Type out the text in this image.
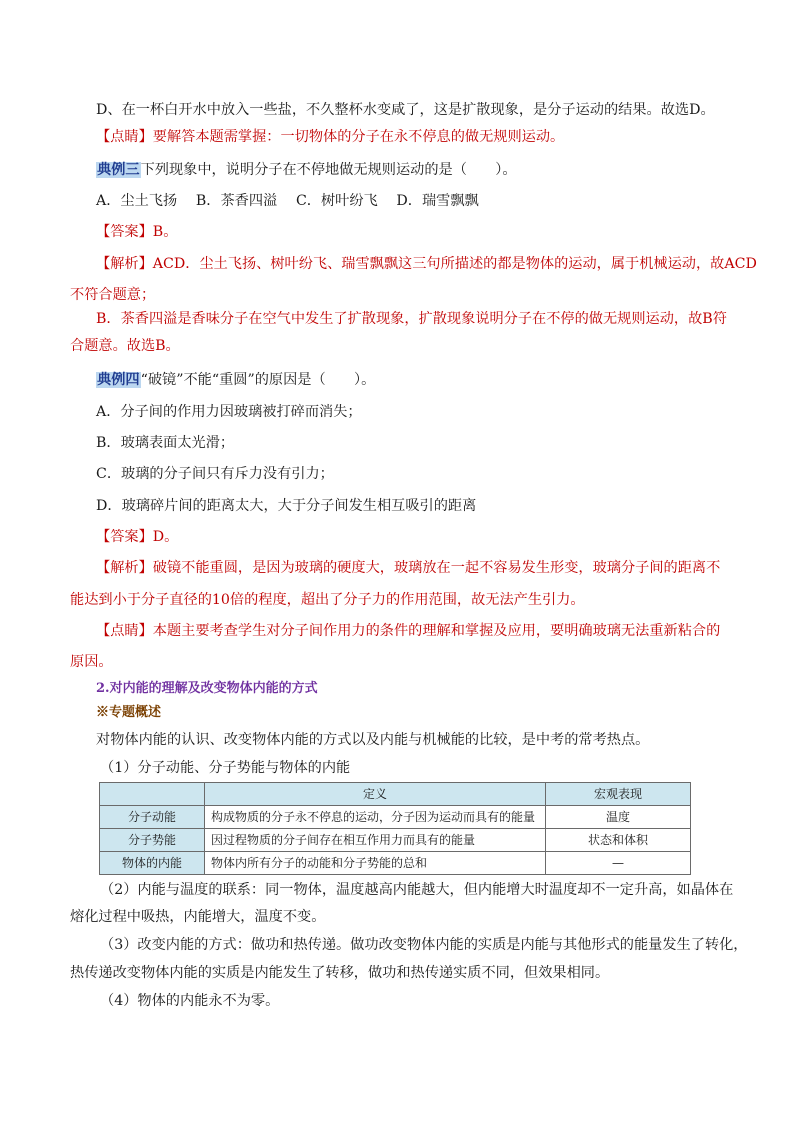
D、在一杯白开水中放入一些盐，不久整杯水变咸了，这是扩散现象，是分子运动的结果。故选D。
【点睛】要解答本题需掌握：一切物体的分子在永不停息的做无规则运动。
典例三下列现象中，说明分子在不停地做无规则运动的是（　　）。
A．尘土飞扬　 B．茶香四溢　 C．树叶纷飞　 D．瑞雪飘飘
【答案】B。
【解析】ACD．尘土飞扬、树叶纷飞、瑞雪飘飘这三句所描述的都是物体的运动，属于机械运动，故ACD
不符合题意；
B．茶香四溢是香味分子在空气中发生了扩散现象，扩散现象说明分子在不停的做无规则运动，故B符
合题意。故选B。
典例四“破镜”不能“重圆”的原因是（　　）。
A．分子间的作用力因玻璃被打碎而消失；
B．玻璃表面太光滑；
C．玻璃的分子间只有斥力没有引力；
D．玻璃碎片间的距离太大，大于分子间发生相互吸引的距离
【答案】D。
【解析】破镜不能重圆，是因为玻璃的硬度大，玻璃放在一起不容易发生形变，玻璃分子间的距离不
能达到小于分子直径的10倍的程度，超出了分子力的作用范围，故无法产生引力。
【点睛】本题主要考查学生对分子间作用力的条件的理解和掌握及应用，要明确玻璃无法重新粘合的
原因。
2.对内能的理解及改变物体内能的方式
※专题概述
对物体内能的认识、改变物体内能的方式以及内能与机械能的比较，是中考的常考热点。
（1）分子动能、分子势能与物体的内能
	定义	宏观表现
分子动能	构成物质的分子永不停息的运动，分子因为运动而具有的能量	温度
分子势能	因过程物质的分子间存在相互作用力而具有的能量	状态和体积
物体的内能	物体内所有分子的动能和分子势能的总和	—
（2）内能与温度的联系：同一物体，温度越高内能越大，但内能增大时温度却不一定升高，如晶体在
熔化过程中吸热，内能增大，温度不变。
（3）改变内能的方式：做功和热传递。做功改变物体内能的实质是内能与其他形式的能量发生了转化，
热传递改变物体内能的实质是内能发生了转移，做功和热传递实质不同，但效果相同。
（4）物体的内能永不为零。
